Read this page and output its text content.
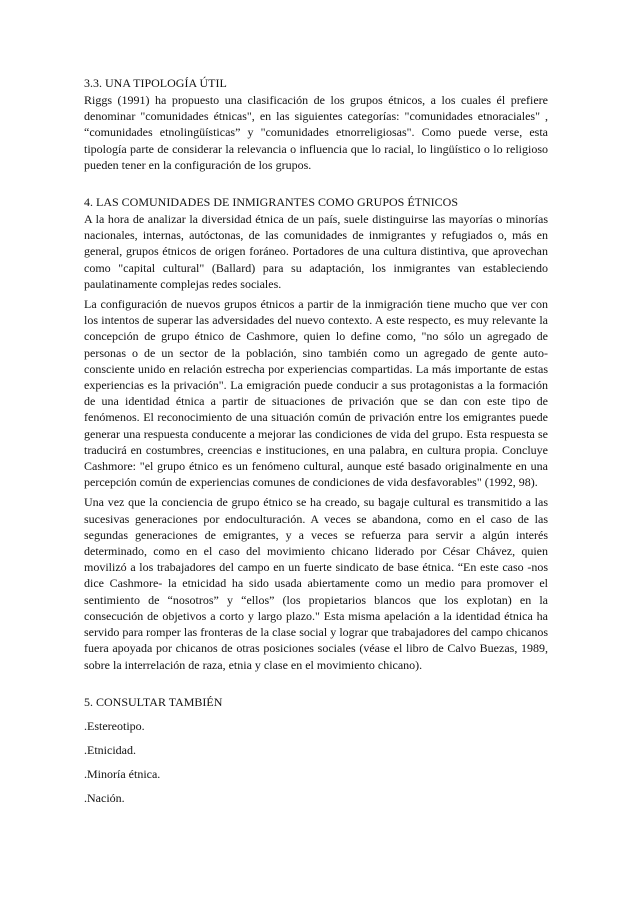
3.3. UNA TIPOLOGÍA ÚTIL

Riggs (1991) ha propuesto una clasificación de los grupos étnicos, a los cuales él prefiere denominar "comunidades étnicas", en las siguientes categorías: "comunidades etnoraciales" , “comunidades etnolingüísticas” y "comunidades etnorreligiosas". Como puede verse, esta tipología parte de considerar la relevancia o influencia que lo racial, lo lingüístico o lo religioso pueden tener en la configuración de los grupos.

4. LAS COMUNIDADES DE INMIGRANTES COMO GRUPOS ÉTNICOS

A la hora de analizar la diversidad étnica de un país, suele distinguirse las mayorías o minorías nacionales, internas, autóctonas, de las comunidades de inmigrantes y refugiados o, más en general, grupos étnicos de origen foráneo. Portadores de una cultura distintiva, que aprovechan como "capital cultural" (Ballard) para su adaptación, los inmigrantes van estableciendo paulatinamente complejas redes sociales.

La configuración de nuevos grupos étnicos a partir de la inmigración tiene mucho que ver con los intentos de superar las adversidades del nuevo contexto. A este respecto, es muy relevante la concepción de grupo étnico de Cashmore, quien lo define como, "no sólo un agregado de personas o de un sector de la población, sino también como un agregado de gente auto-consciente unido en relación estrecha por experiencias compartidas. La más importante de estas experiencias es la privación". La emigración puede conducir a sus protagonistas a la formación de una identidad étnica a partir de situaciones de privación que se dan con este tipo de fenómenos. El reconocimiento de una situación común de privación entre los emigrantes puede generar una respuesta conducente a mejorar las condiciones de vida del grupo. Esta respuesta se traducirá en costumbres, creencias e instituciones, en una palabra, en cultura propia. Concluye Cashmore: "el grupo étnico es un fenómeno cultural, aunque esté basado originalmente en una percepción común de experiencias comunes de condiciones de vida desfavorables" (1992, 98).

Una vez que la conciencia de grupo étnico se ha creado, su bagaje cultural es transmitido a las sucesivas generaciones por endoculturación. A veces se abandona, como en el caso de las segundas generaciones de emigrantes, y a veces se refuerza para servir a algún interés determinado, como en el caso del movimiento chicano liderado por César Chávez, quien movilizó a los trabajadores del campo en un fuerte sindicato de base étnica. “En este caso -nos dice Cashmore- la etnicidad ha sido usada abiertamente como un medio para promover el sentimiento de “nosotros” y “ellos” (los propietarios blancos que los explotan) en la consecución de objetivos a corto y largo plazo." Esta misma apelación a la identidad étnica ha servido para romper las fronteras de la clase social y lograr que trabajadores del campo chicanos fuera apoyada por chicanos de otras posiciones sociales (véase el libro de Calvo Buezas, 1989, sobre la interrelación de raza, etnia y clase en el movimiento chicano).

5. CONSULTAR TAMBIÉN
.Estereotipo.
.Etnicidad.
.Minoría étnica.
.Nación.
